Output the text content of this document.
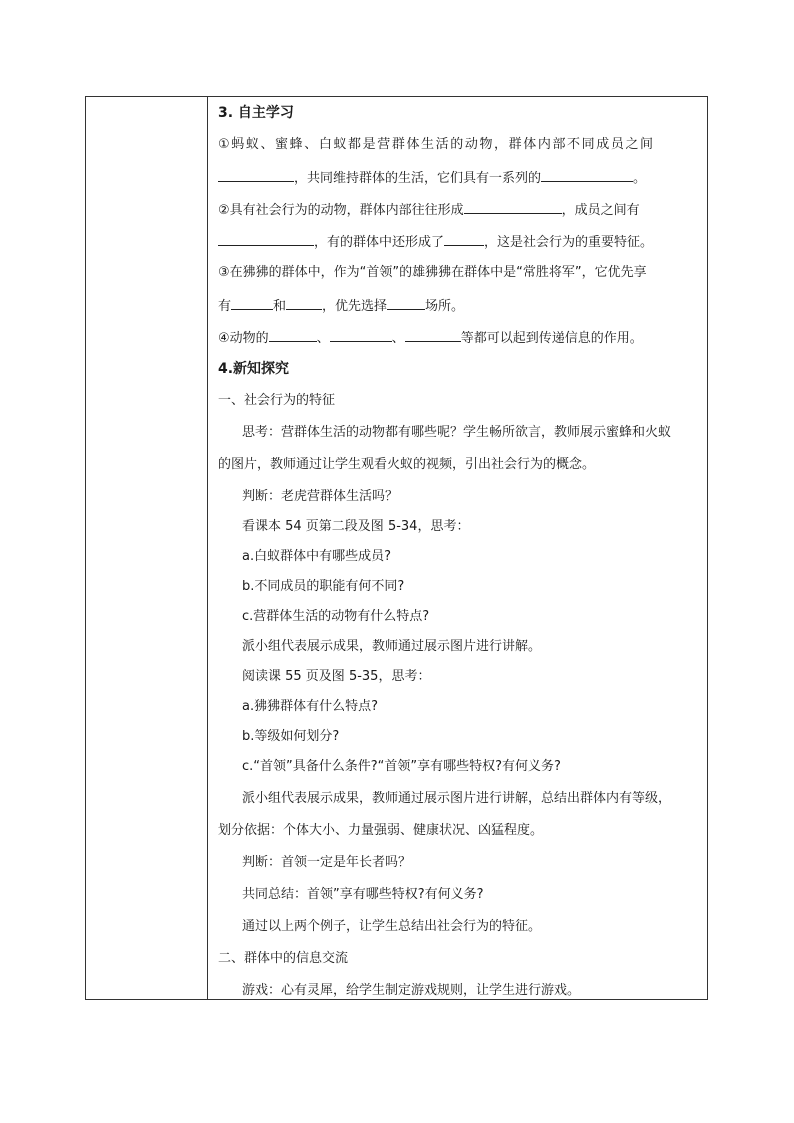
3. 自主学习
①蚂蚁、蜜蜂、白蚁都是营群体生活的动物，群体内部不同成员之间
，共同维持群体的生活，它们具有一系列的	。
②具有社会行为的动物，群体内部往往形成	，成员之间有
，有的群体中还形成了	，这是社会行为的重要特征。
③在狒狒的群体中，作为“首领”的雄狒狒在群体中是“常胜将军”，它优先享
有	和	，优先选择	场所。
④动物的	、	、	等都可以起到传递信息的作用。
4.新知探究
一、社会行为的特征
思考：营群体生活的动物都有哪些呢？学生畅所欲言，教师展示蜜蜂和火蚁
的图片，教师通过让学生观看火蚁的视频，引出社会行为的概念。
判断：老虎营群体生活吗？
看课本 54 页第二段及图 5-34，思考：
a.白蚁群体中有哪些成员?
b.不同成员的职能有何不同?
c.营群体生活的动物有什么特点?
派小组代表展示成果，教师通过展示图片进行讲解。
阅读课 55 页及图 5-35，思考：
a.狒狒群体有什么特点?
b.等级如何划分?
c.“首领”具备什么条件?“首领”享有哪些特权?有何义务?
派小组代表展示成果，教师通过展示图片进行讲解，总结出群体内有等级，
划分依据：个体大小、力量强弱、健康状况、凶猛程度。
判断：首领一定是年长者吗？
共同总结：首领”享有哪些特权?有何义务?
通过以上两个例子，让学生总结出社会行为的特征。
二、群体中的信息交流
游戏：心有灵犀，给学生制定游戏规则，让学生进行游戏。
